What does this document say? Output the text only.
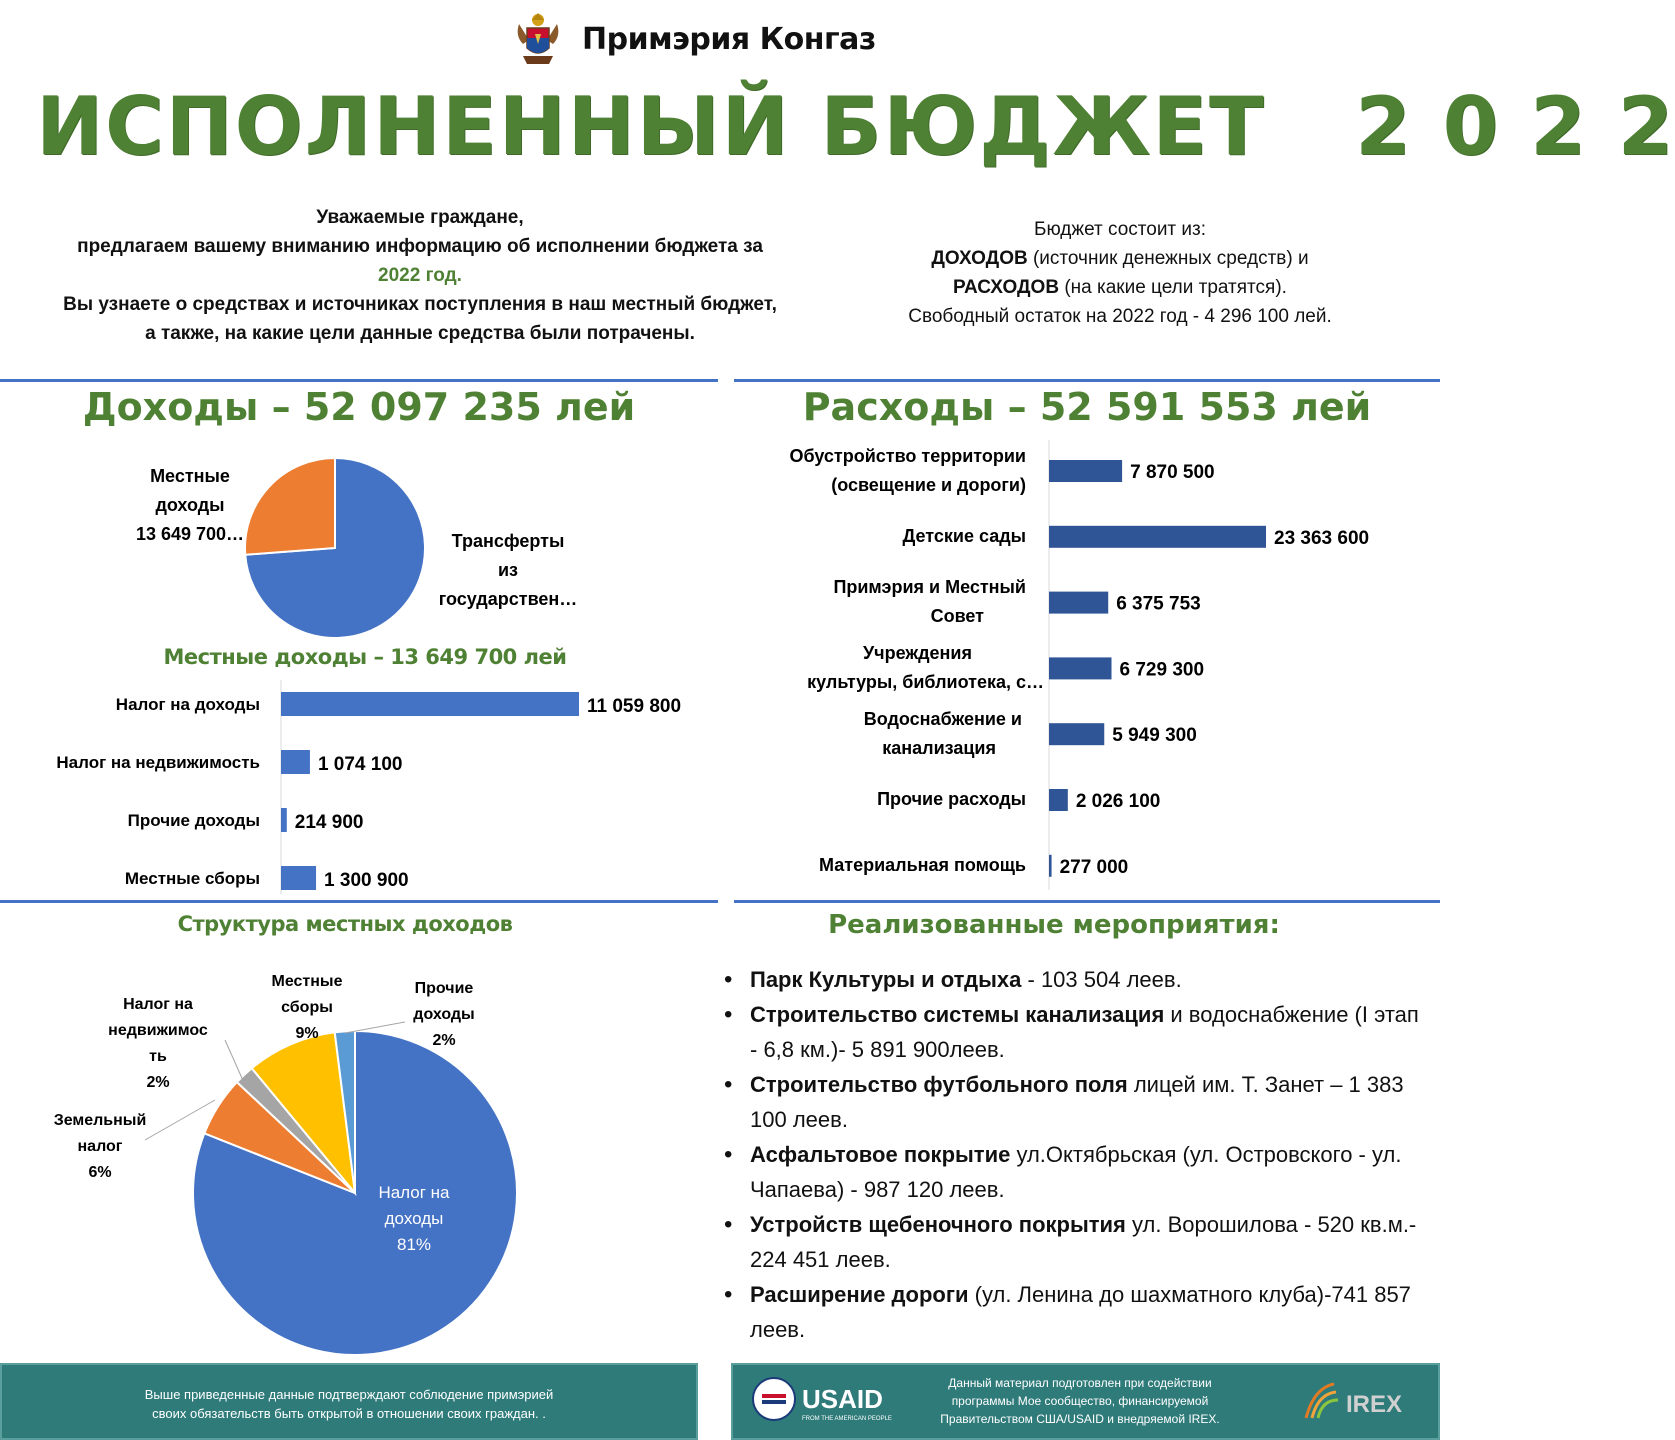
Примэрия Конгаз
ИСПОЛНЕННЫЙ БЮДЖЕТ   2 0 2 2
Уважаемые граждане,
предлагаем вашему вниманию информацию об исполнении бюджета за
2022 год.
Вы узнаете о средствах и источниках поступления в наш местный бюджет,
а также, на какие цели данные средства были потрачены.
Бюджет состоит из:
ДОХОДОВ (источник денежных средств) и
РАСХОДОВ (на какие цели тратятся).
Свободный остаток на 2022 год - 4 296 100 лей.
Доходы – 52 097 235 лей	Расходы – 52 591 553 лей
Местные доходы – 13 649 700 лей
Структура местных доходов	Реализованные мероприятия:
Местные
доходы
13 649 700…	Трансферты
из
государствен…
Налог на доходы	11 059 800
Налог на недвижимость	1 074 100
Прочие доходы 214 900
Местные сборы	1 300 900
7 870 500
23 363 600
6 375 753
6 729 300
5 949 300
2 026 100
277 000
Обустройство территории
(освещение и дороги)
Детские сады
Примэрия и Местный
Совет
Учреждения
культуры, библиотека, с…
Водоснабжение и
канализация
Прочие расходы
Материальная помощь
Налог на
доходы
81%
Земельный
налог
6%
Налог на
недвижимос
ть
2%
Местные
сборы
9%
Прочие
доходы
2%
• Парк Культуры и отдыха - 103 504 леев.
• Строительство системы канализация и водоснабжение (I этап - 6,8 км.)- 5 891 900леев.
• Строительство футбольного поля лицей им. Т. Занет – 1 383 100 леев.
• Асфальтовое покрытие ул.Октябрьская (ул. Островского - ул. Чапаева) - 987 120 леев.
• Устройств щебеночного покрытия ул. Ворошилова - 520 кв.м.- 224 451 леев.
• Расширение дороги (ул. Ленина до шахматного клуба)-741 857 леев.
Выше приведенные данные подтверждают соблюдение примэрией
своих обязательств быть открытой в отношении своих граждан. .	USAID
FROM THE AMERICAN PEOPLE
Данный материал подготовлен при содействии
программы Мое сообщество, финансируемой
Правительством США/USAID и внедряемой IREX.
IREX
